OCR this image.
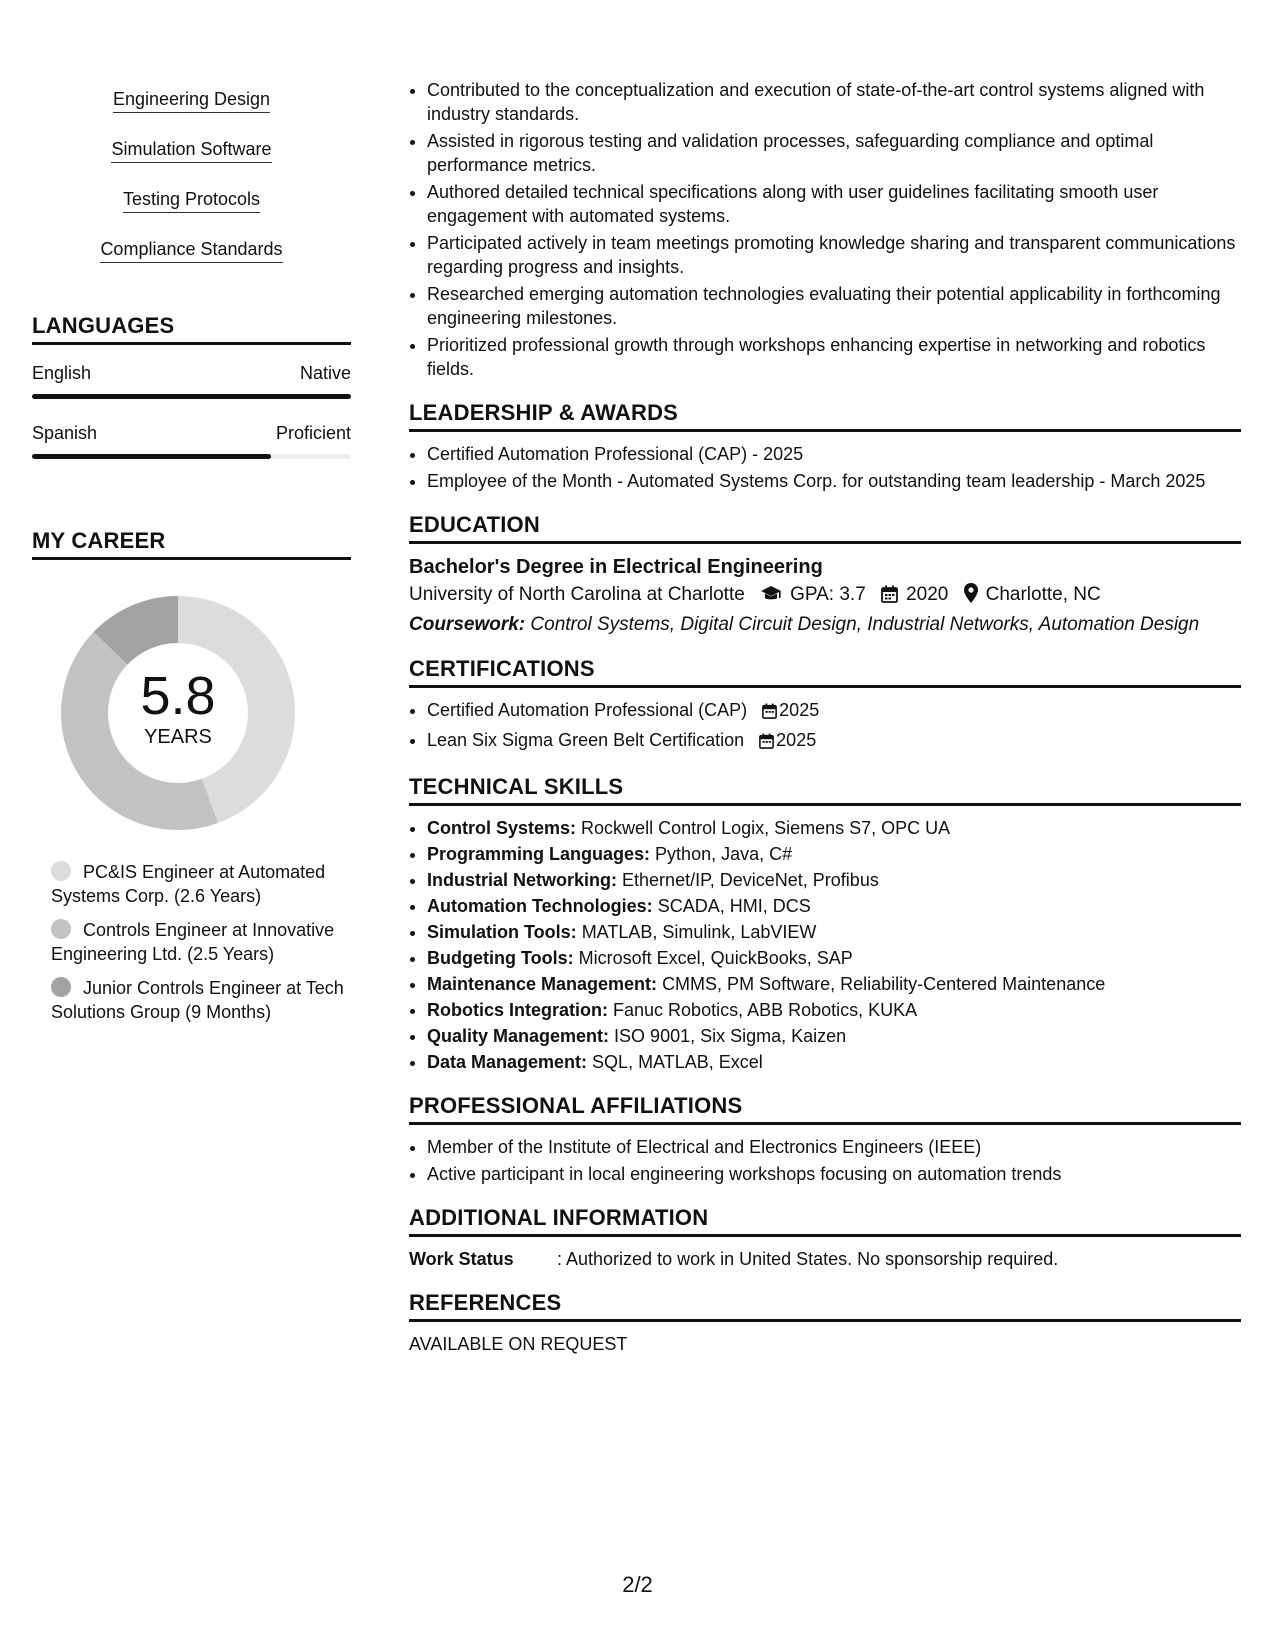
Engineering Design
Simulation Software
Testing Protocols
Compliance Standards
LANGUAGES
English	Native
Spanish	Proficient
MY CAREER
5.8
YEARS
PC&IS Engineer at Automated Systems Corp. (2.6 Years)
Controls Engineer at Innovative Engineering Ltd. (2.5 Years)
Junior Controls Engineer at Tech Solutions Group (9 Months)
• Contributed to the conceptualization and execution of state-of-the-art control systems aligned with industry standards.
• Assisted in rigorous testing and validation processes, safeguarding compliance and optimal performance metrics.
• Authored detailed technical specifications along with user guidelines facilitating smooth user engagement with automated systems.
• Participated actively in team meetings promoting knowledge sharing and transparent communications regarding progress and insights.
• Researched emerging automation technologies evaluating their potential applicability in forthcoming engineering milestones.
• Prioritized professional growth through workshops enhancing expertise in networking and robotics fields.
LEADERSHIP & AWARDS
• Certified Automation Professional (CAP) - 2025
• Employee of the Month - Automated Systems Corp. for outstanding team leadership - March 2025
EDUCATION
Bachelor's Degree in Electrical Engineering
University of North Carolina at Charlotte GPA: 3.7 2020 Charlotte, NC
Coursework: Control Systems, Digital Circuit Design, Industrial Networks, Automation Design
CERTIFICATIONS
• Certified Automation Professional (CAP) 2025
• Lean Six Sigma Green Belt Certification 2025
TECHNICAL SKILLS
• Control Systems: Rockwell Control Logix, Siemens S7, OPC UA
• Programming Languages: Python, Java, C#
• Industrial Networking: Ethernet/IP, DeviceNet, Profibus
• Automation Technologies: SCADA, HMI, DCS
• Simulation Tools: MATLAB, Simulink, LabVIEW
• Budgeting Tools: Microsoft Excel, QuickBooks, SAP
• Maintenance Management: CMMS, PM Software, Reliability-Centered Maintenance
• Robotics Integration: Fanuc Robotics, ABB Robotics, KUKA
• Quality Management: ISO 9001, Six Sigma, Kaizen
• Data Management: SQL, MATLAB, Excel
PROFESSIONAL AFFILIATIONS
• Member of the Institute of Electrical and Electronics Engineers (IEEE)
• Active participant in local engineering workshops focusing on automation trends
ADDITIONAL INFORMATION
Work Status	: Authorized to work in United States. No sponsorship required.
REFERENCES
AVAILABLE ON REQUEST
2/2
